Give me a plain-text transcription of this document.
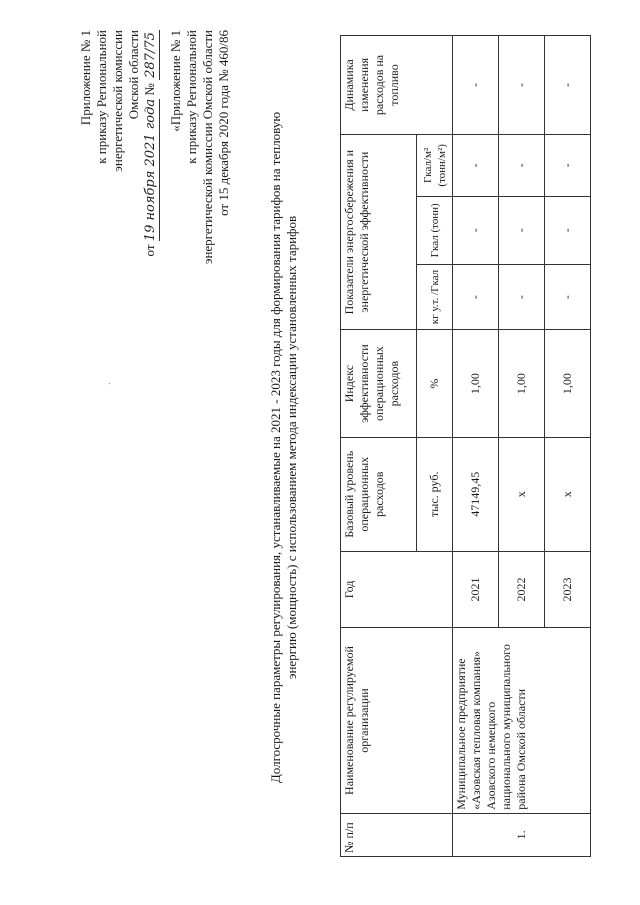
.
Приложение № 1 к приказу Региональной энергетической комиссии Омской области
от 19 ноября 2021 года № 287/75 «Приложение № 1 к приказу Региональной энергетической комиссии Омской области от 15 декабря 2020 года № 460/86	Долгосрочные параметры регулирования, устанавливаемые на 2021 - 2023 годы для формирования тарифов на тепловую энергию (мощность) с использованием метода индексации установленных тарифов
№ п/п	Наименование регулируемой организации	Год	Базовый уровень операционных расходов	Индекс эффективности операционных расходов	Показатели энергосбережения и энергетической эффективности			Динамика изменения расходов на топливо
			тыс. руб.	%	кг у.т. /Гкал	Гкал (тонн)	Гкал/м² (тонн/м²)	
1.	Муниципальное предприятие «Азовская тепловая компания» Азовского немецкого национального муниципального района Омской области	2021	47149,45	1,00	-	-	-	-
		2022	х	1,00	-	-	-	-
		2023	х	1,00	-	-	-	-
